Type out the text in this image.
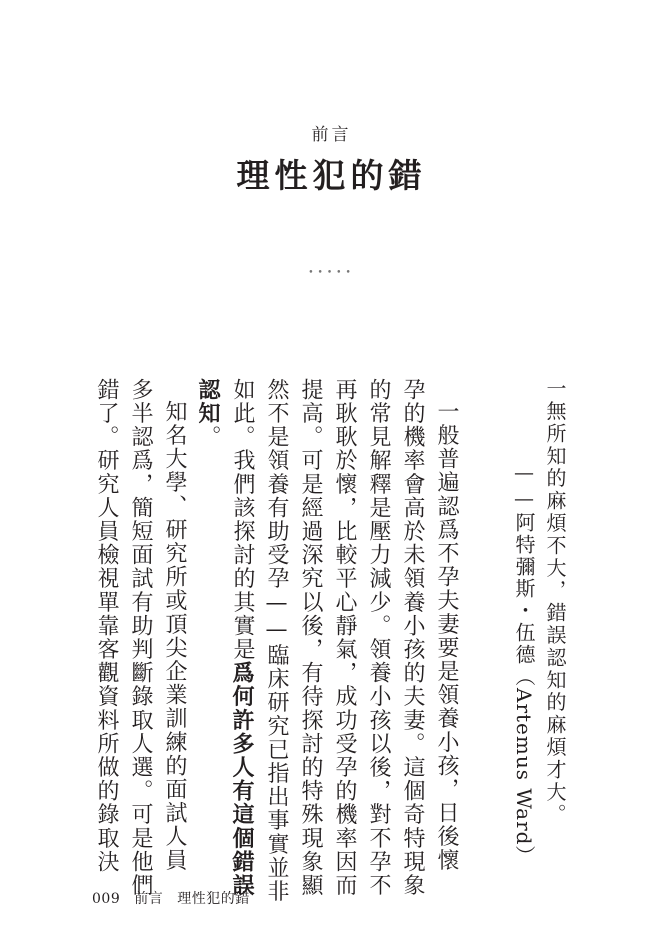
前言
理性犯的錯
•••••
一無所知的麻煩不大，錯誤認知的麻煩才大。
——阿特彌斯・伍德（Artemus Ward）
一般普遍認爲不孕夫妻要是領養小孩，日後懷
孕的機率會高於未領養小孩的夫妻。這個奇特現象
的常見解釋是壓力減少。領養小孩以後，對不孕不
再耿耿於懷，比較平心靜氣，成功受孕的機率因而
提高。可是經過深究以後，有待探討的特殊現象顯
然不是領養有助受孕——臨床研究已指出事實並非
如此。我們該探討的其實是爲何許多人有這個錯誤
認知。
知名大學、研究所或頂尖企業訓練的面試人員
多半認爲，簡短面試有助判斷錄取人選。可是他們
錯了。研究人員檢視單靠客觀資料所做的錄取決
009 前言 理性犯的錯
